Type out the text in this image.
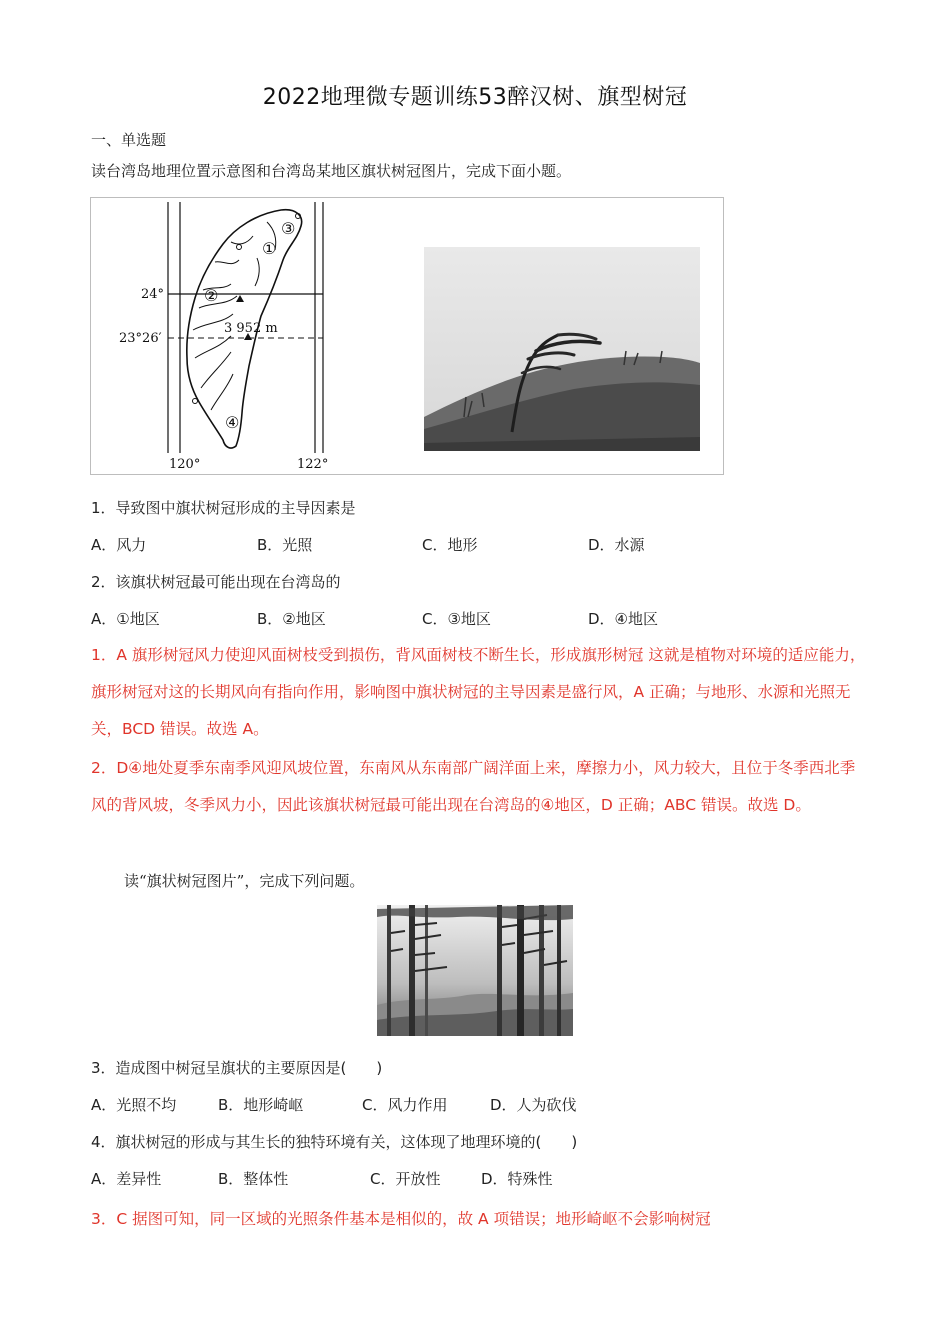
2022地理微专题训练53醉汉树、旗型树冠
一、单选题
读台湾岛地理位置示意图和台湾岛某地区旗状树冠图片，完成下面小题。
3 952 m
①
②
③
④
24°
23°26′
120°	122°
1．导致图中旗状树冠形成的主导因素是
A．风力	B．光照	C．地形	D．水源
2．该旗状树冠最可能出现在台湾岛的
A．①地区	B．②地区	C．③地区	D．④地区
1．A 旗形树冠风力使迎风面树枝受到损伤，背风面树枝不断生长，形成旗形树冠 这就是植物对环境的适应能力，旗形树冠对这的长期风向有指向作用，影响图中旗状树冠的主导因素是盛行风，A 正确；与地形、水源和光照无关，BCD 错误。故选 A。
2．D④地处夏季东南季风迎风坡位置，东南风从东南部广阔洋面上来，摩擦力小，风力较大，且位于冬季西北季风的背风坡，冬季风力小，因此该旗状树冠最可能出现在台湾岛的④地区，D 正确；ABC 错误。故选 D。
读“旗状树冠图片”，完成下列问题。
3．造成图中树冠呈旗状的主要原因是(　　)
A．光照不均	B．地形崎岖	C．风力作用	D．人为砍伐
4．旗状树冠的形成与其生长的独特环境有关，这体现了地理环境的(　　)
A．差异性	B．整体性	C．开放性	D．特殊性
3．C 据图可知，同一区域的光照条件基本是相似的，故 A 项错误；地形崎岖不会影响树冠
